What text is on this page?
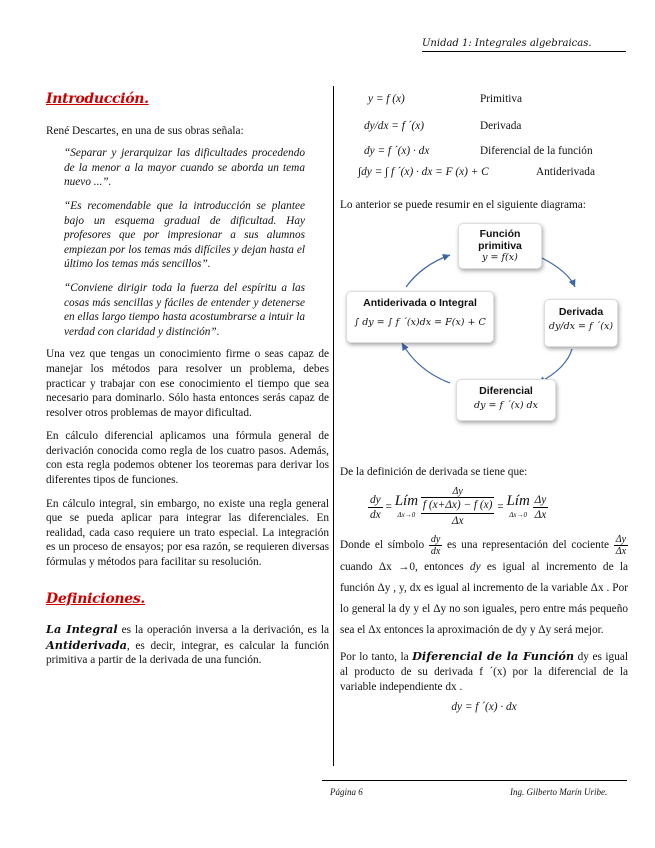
Unidad 1: Integrales algebraicas.
Introducción.

René Descartes, en una de sus obras señala:

“Separar y jerarquizar las dificultades procedendo de la menor a la mayor cuando se aborda un tema nuevo ...”.

“Es recomendable que la introducción se plantee bajo un esquema gradual de dificultad. Hay profesores que por impresionar a sus alumnos empiezan por los temas más difíciles y dejan hasta el último los temas más sencillos”.

“Conviene dirigir toda la fuerza del espíritu a las cosas más sencillas y fáciles de entender y detenerse en ellas largo tiempo hasta acostumbrarse a intuir la verdad con claridad y distinción”.

Una vez que tengas un conocimiento firme o seas capaz de manejar los métodos para resolver un problema, debes practicar y trabajar con ese conocimiento el tiempo que sea necesario para dominarlo. Sólo hasta entonces serás capaz de resolver otros problemas de mayor dificultad.

En cálculo diferencial aplicamos una fórmula general de derivación conocida como regla de los cuatro pasos. Además, con esta regla podemos obtener los teoremas para derivar los diferentes tipos de funciones.

En cálculo integral, sin embargo, no existe una regla general que se pueda aplicar para integrar las diferenciales. En realidad, cada caso requiere un trato especial. La integración es un proceso de ensayos; por esa razón, se requieren diversas fórmulas y métodos para facilitar su resolución.

Definiciones.

La Integral es la operación inversa a la derivación, es la Antiderivada, es decir, integrar, es calcular la función primitiva a partir de la derivada de una función.

y = f (x)	Primitiva
dy/dx = f ´(x)	Derivada
dy = f ´(x) · dx	Diferencial de la función
∫dy = ∫ f ´(x) · dx = F (x) + C	Antiderivada

Lo anterior se puede resumir en el siguiente diagrama:

Función primitiva
y = f(x)
Derivada
dy/dx = f ´(x)
Diferencial
dy = f ´(x) dx
Antiderivada o Integral
∫ dy = ∫ f ´(x)dx = F(x) + C

De la definición de derivada se tiene que:

$\frac{dy}{dx}$ = Lím
Δx→0

Δy
f (x+Δx) − f (x)
Δx
= Lím
Δx→0
$\frac{\Delta y}{\Delta x}$

Donde el símbolo $\frac{dy}{dx}$ es una representación del cociente $\frac{\Delta y}{\Delta x}$
cuando Δx →0, entonces dy es igual al incremento de la función Δy , y, dx es igual al incremento de la variable Δx . Por lo general la dy y el Δy no son iguales, pero entre más pequeño sea el Δx entonces la aproximación de dy y Δy será mejor.

Por lo tanto, la Diferencial de la Función dy es igual al producto de su derivada f ´(x) por la diferencial de la variable independiente dx .

dy = f ´(x) · dx
Página 6	Ing. Gilberto Marín Uribe.
